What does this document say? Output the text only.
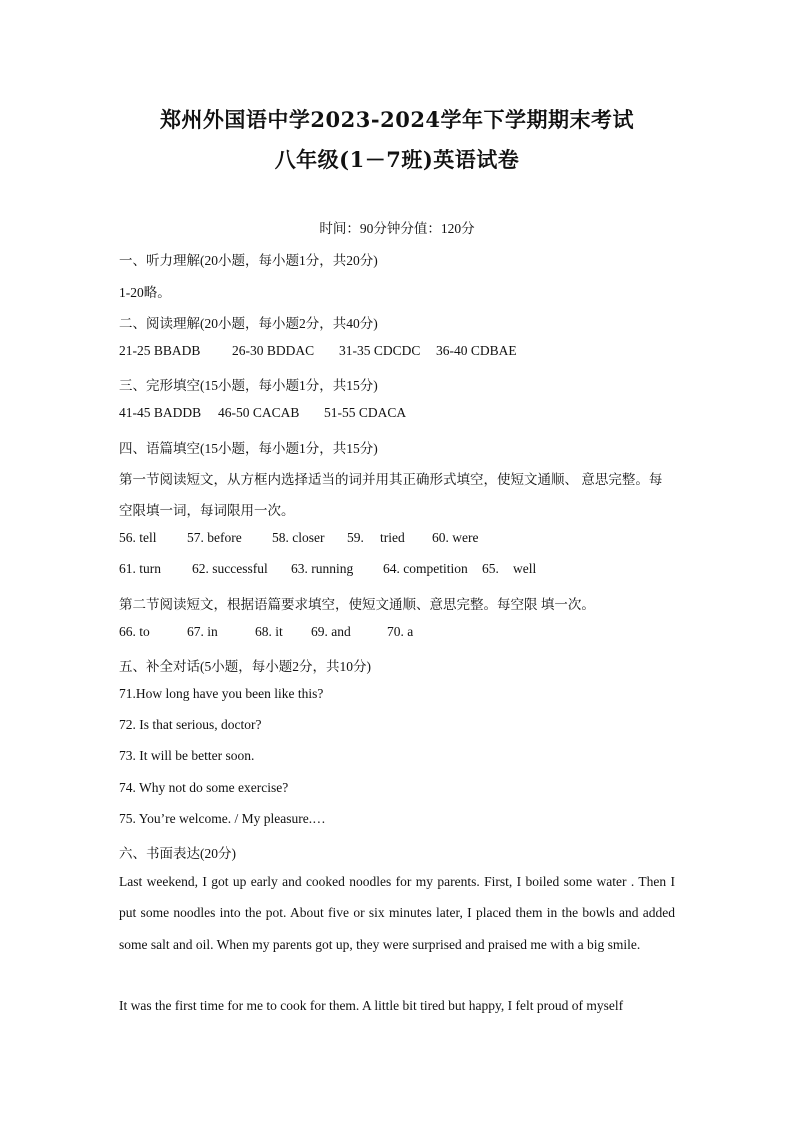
郑州外国语中学2023-2024学年下学期期末考试
八年级(1－7班)英语试卷
时间：90分钟分值：120分
一、听力理解(20小题，每小题1分，共20分)
1-20略。
二、阅读理解(20小题，每小题2分，共40分)
21-25 BBADB 26-30 BDDAC 31-35 CDCDC 36-40 CDBAE
三、完形填空(15小题，每小题1分，共15分)
41-45 BADDB 46-50 CACAB 51-55 CDACA
四、语篇填空(15小题，每小题1分，共15分)
第一节阅读短文，从方框内选择适当的词并用其正确形式填空，使短文通顺、 意思完整。每
空限填一词，每词限用一次。
56. tell 57. before 58. closer 59. tried 60. were
61. turn 62. successful 63. running 64. competition 65. well
第二节阅读短文，根据语篇要求填空，使短文通顺、意思完整。每空限 填一次。
66. to	67. in	68. it 69. and	70. a
五、补全对话(5小题，每小题2分，共10分)
71.How long have you been like this?
72. Is that serious, doctor?
73. It will be better soon.
74. Why not do some exercise?
75. You’re welcome. / My pleasure.…
六、书面表达(20分)
Last weekend, I got up early and cooked noodles for my parents. First, I boiled some water . Then I put some noodles into the pot. About five or six minutes later, I placed them in the bowls and added some salt and oil. When my parents got up, they were surprised and praised me with a big smile.
It was the first time for me to cook for them. A little bit tired but happy, I felt proud of myself
